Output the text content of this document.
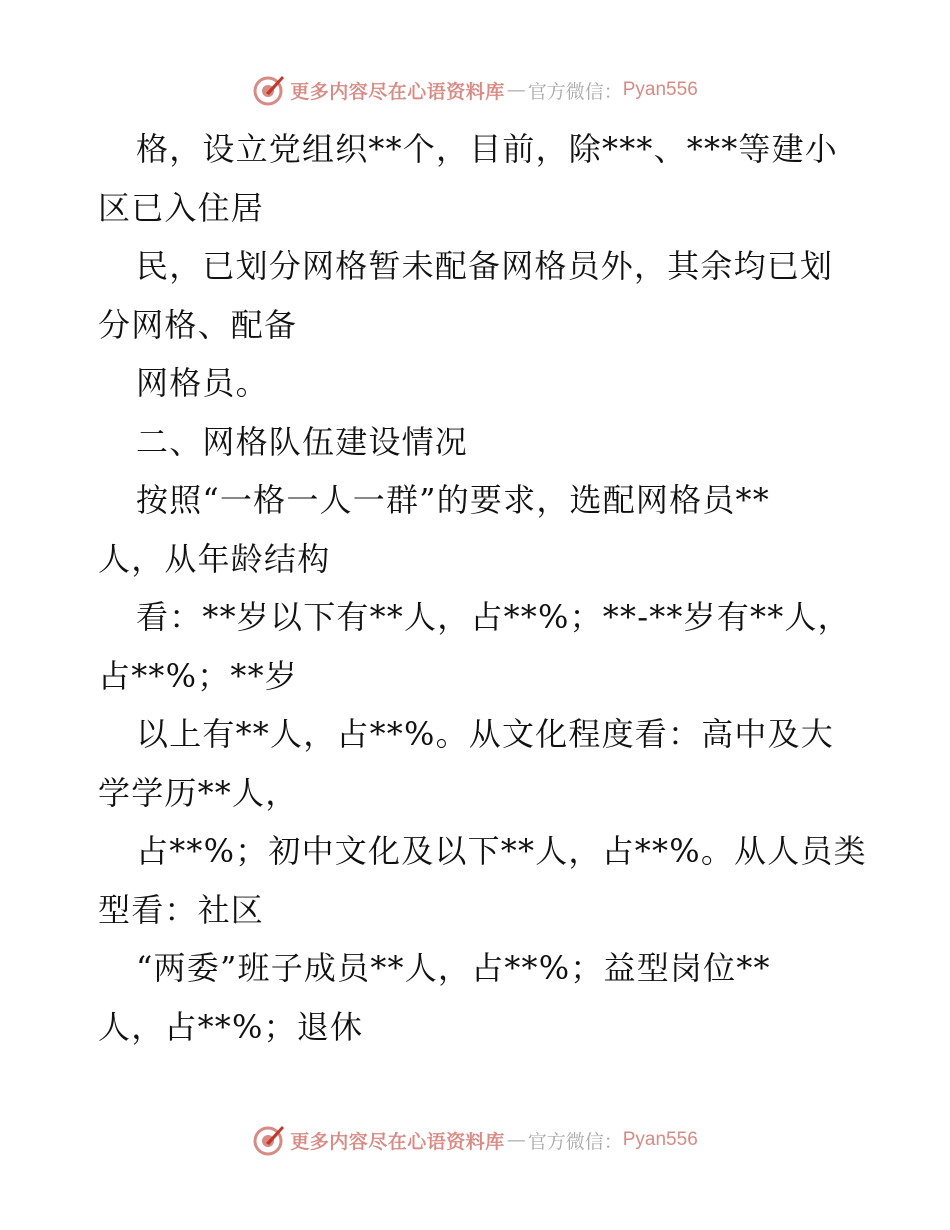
更多内容尽在心语资料库 — 官方微信： Pyan556
格，设立党组织**个，目前，除***、***等建小
区已入住居
民，已划分网格暂未配备网格员外，其余均已划
分网格、配备
网格员。
二、网格队伍建设情况
按照“一格一人一群”的要求，选配网格员**
人，从年龄结构
看：**岁以下有**人，占**%；**-**岁有**人，
占**%；**岁
以上有**人，占**%。从文化程度看：高中及大
学学历**人，
占**%；初中文化及以下**人，占**%。从人员类
型看：社区
“两委”班子成员**人，占**%；益型岗位**
人，占**%；退休
更多内容尽在心语资料库 — 官方微信： Pyan556
